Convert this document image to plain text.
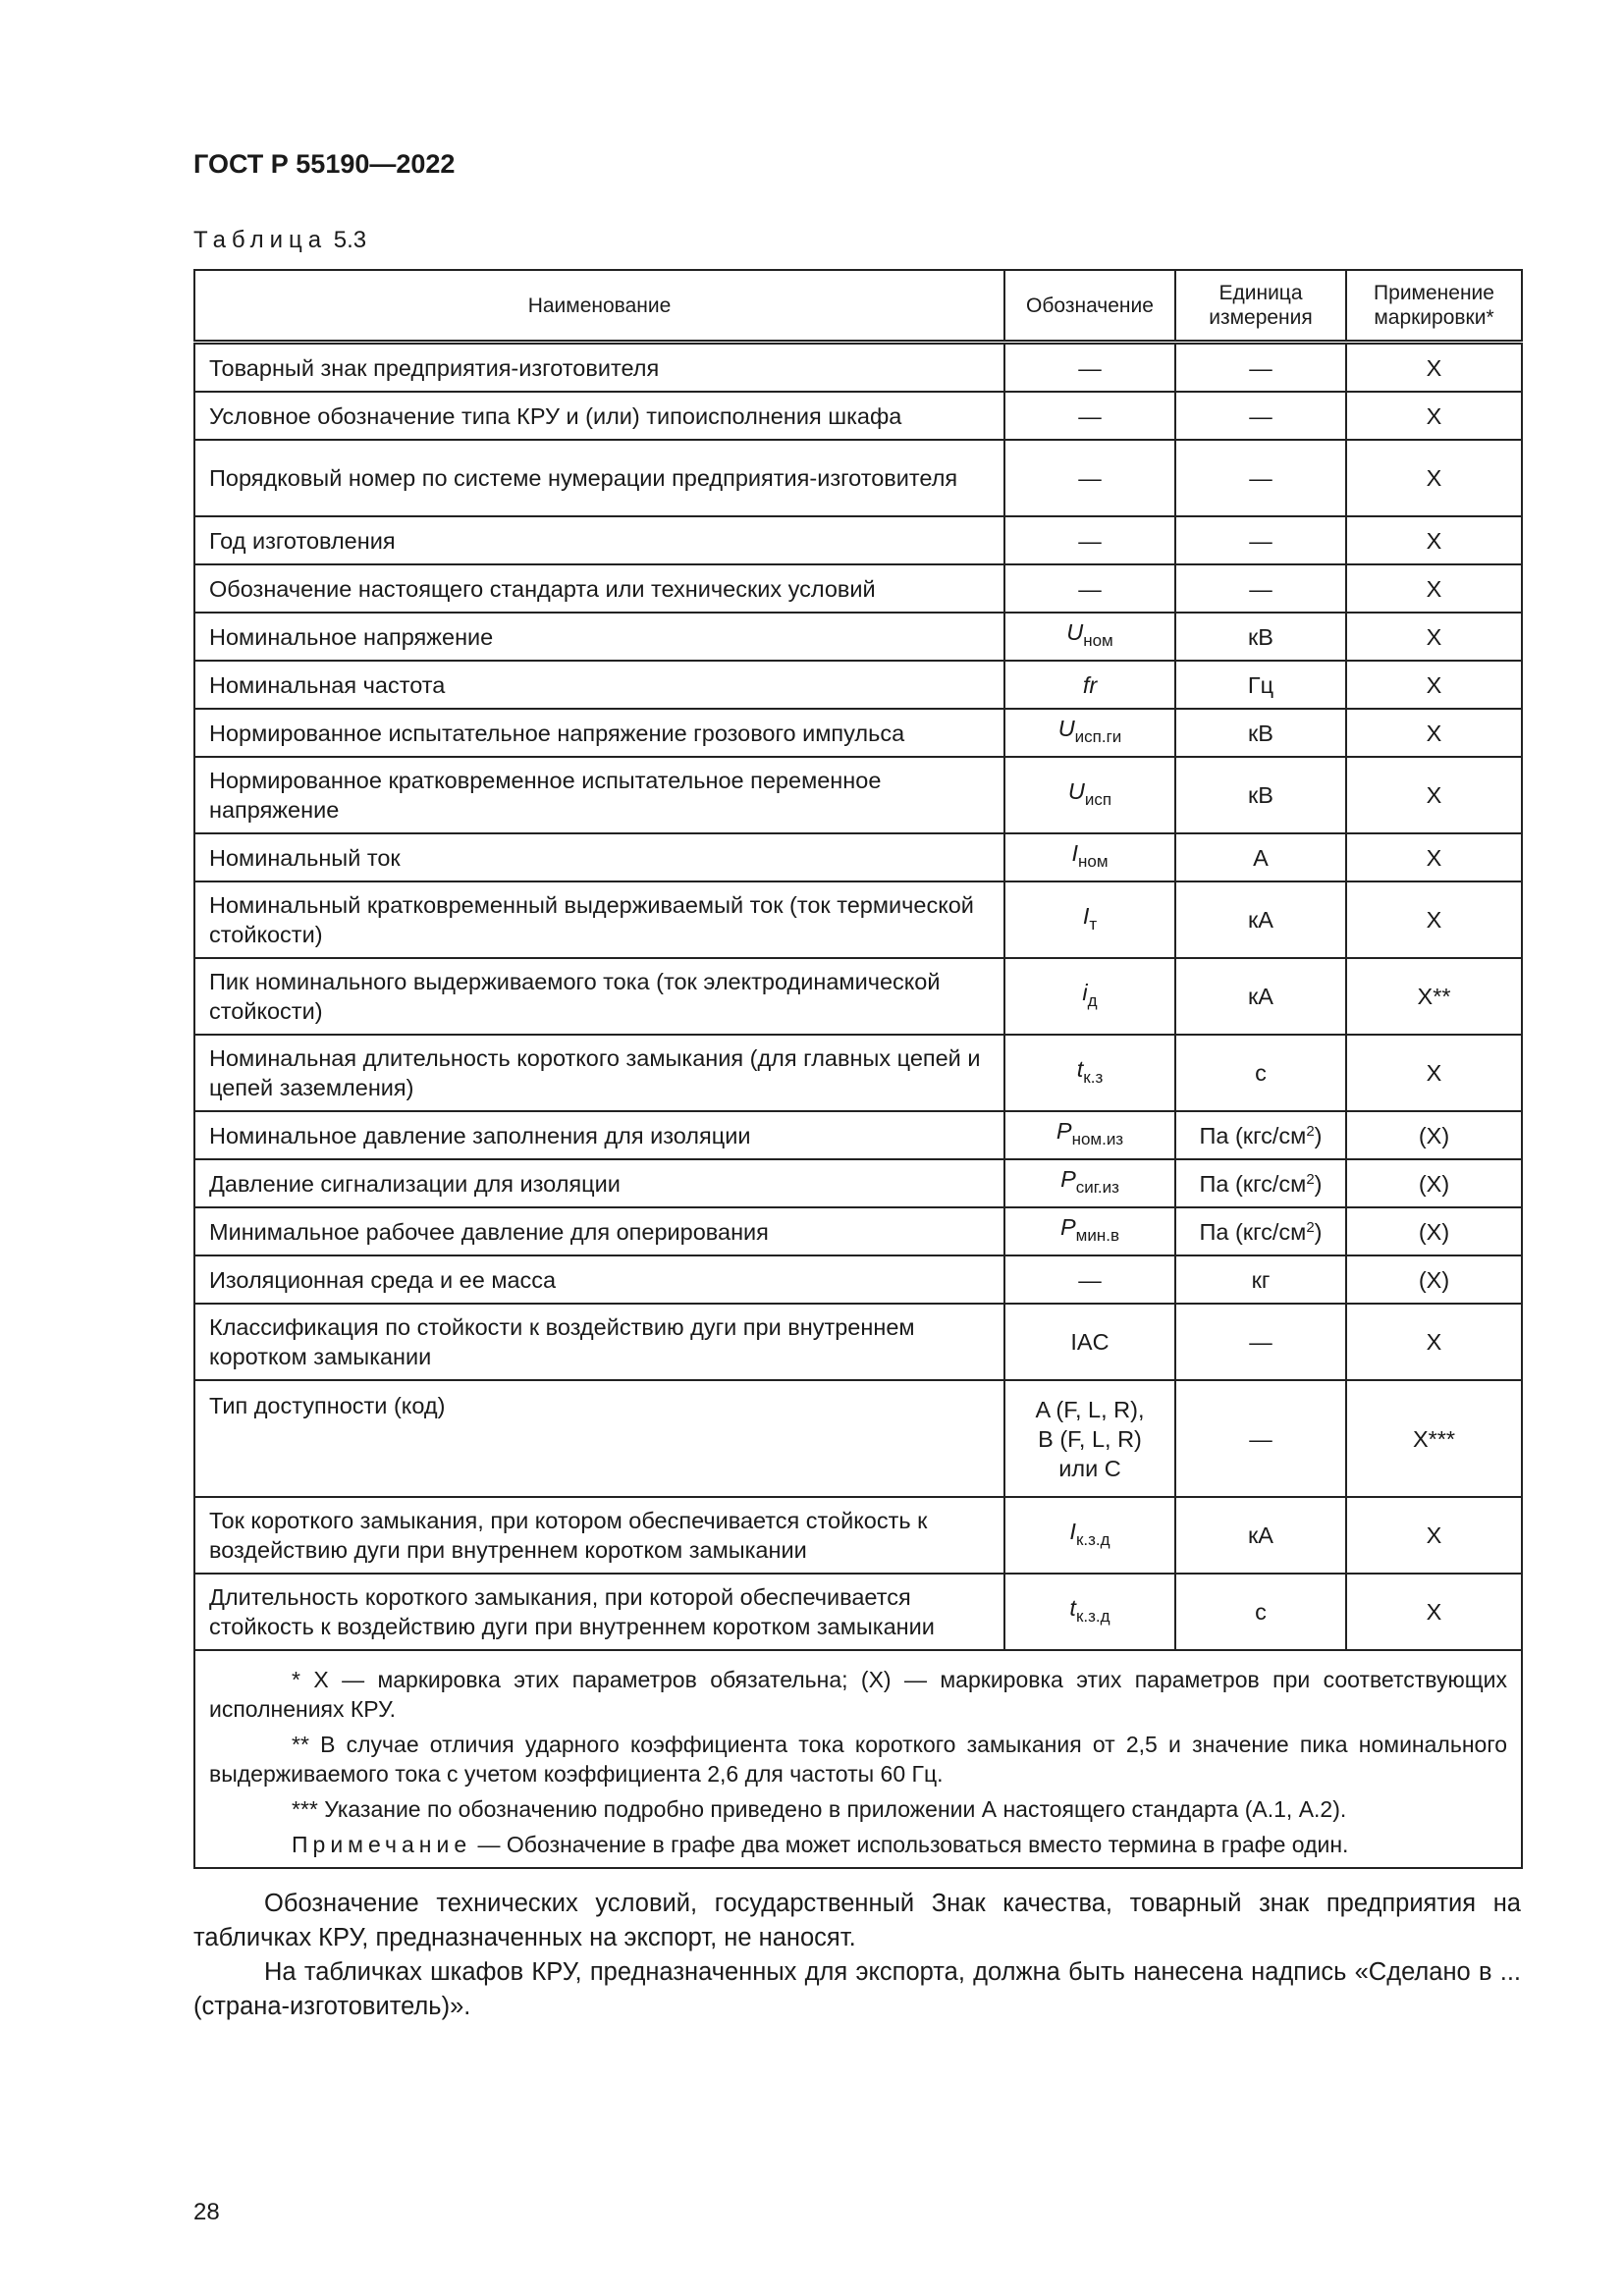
ГОСТ Р 55190—2022
Таблица 5.3
Наименование	Обозначение	Единица измерения	Применение маркировки*
Товарный знак предприятия-изготовителя	—	—	X
Условное обозначение типа КРУ и (или) типоисполнения шкафа	—	—	X
Порядковый номер по системе нумерации предприятия-изготовителя	—	—	X
Год изготовления	—	—	X
Обозначение настоящего стандарта или технических условий	—	—	X
Номинальное напряжение	$U_{ном}$	кВ	X
Номинальная частота	fr	Гц	X
Нормированное испытательное напряжение грозового импульса	$U_{исп.ги}$	кВ	X
Нормированное кратковременное испытательное переменное напряжение	$U_{исп}$	кВ	X
Номинальный ток	$I_{ном}$	А	X
Номинальный кратковременный выдерживаемый ток (ток термической стойкости)	$I_т$	кА	X
Пик номинального выдерживаемого тока (ток электродинамической стойкости)	$i_д$	кА	X**
Номинальная длительность короткого замыкания (для главных цепей и цепей заземления)	$t_{к.з}$	с	X
Номинальное давление заполнения для изоляции	$P_{ном.из}$	Па $(кгс/см^2)$	(X)
Давление сигнализации для изоляции	$P_{сиг.из}$	Па $(кгс/см^2)$	(X)
Минимальное рабочее давление для оперирования	$P_{мин.в}$	Па $(кгс/см^2)$	(X)
Изоляционная среда и ее масса	—	кг	(X)
Классификация по стойкости к воздействию дуги при внутреннем коротком замыкании	IAC	—	X
Тип доступности (код)	A (F, L, R), B (F, L, R) или C	—	X***
Ток короткого замыкания, при котором обеспечивается стойкость к воздействию дуги при внутреннем коротком замыкании	$I_{к.з.д}$	кА	X
Длительность короткого замыкания, при которой обеспечивается стойкость к воздействию дуги при внутреннем коротком замыкании	$t_{к.з.д}$	с	X

* X — маркировка этих параметров обязательна; (X) — маркировка этих параметров при соответствующих исполнениях КРУ.

** В случае отличия ударного коэффициента тока короткого замыкания от 2,5 и значение пика номинального выдерживаемого тока с учетом коэффициента 2,6 для частоты 60 Гц.

*** Указание по обозначению подробно приведено в приложении А настоящего стандарта (А.1, А.2).

Примечание — Обозначение в графе два может использоваться вместо термина в графе один.			

Обозначение технических условий, государственный Знак качества, товарный знак предприятия на табличках КРУ, предназначенных на экспорт, не наносят.

На табличках шкафов КРУ, предназначенных для экспорта, должна быть нанесена надпись «Сделано в ... (страна-изготовитель)».

28
